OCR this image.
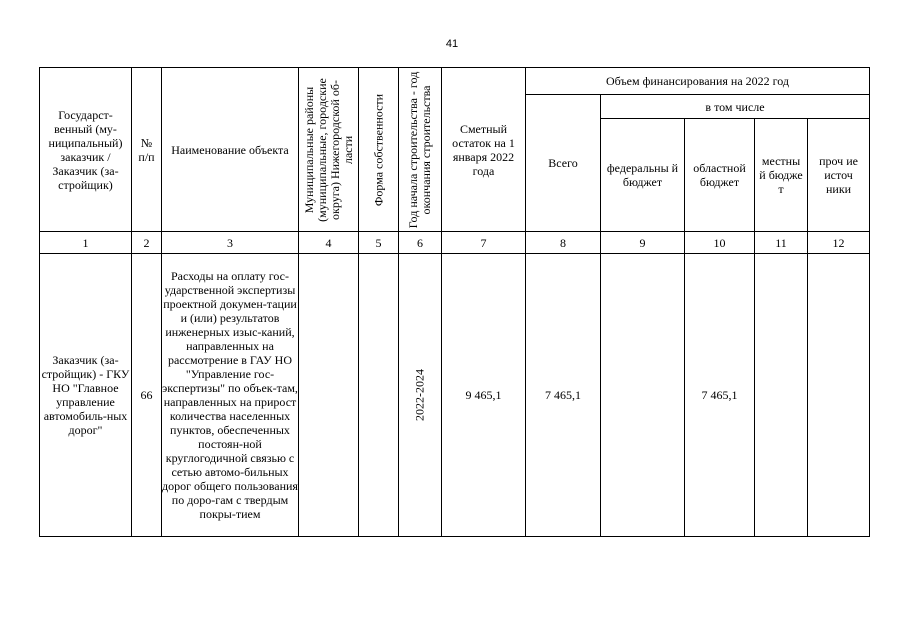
41
Государст-венный (му-ниципальный) заказчик / Заказчик (за-стройщик)	№ п/п	Наименование объекта	Муниципальные районы (муниципальные, городские округа) Нижегородской об-ласти	Форма собственности	Год начала строительства - год окончания строительства	Сметный остаток на 1 января 2022 года	Объем финансирования на 2022 год				

							Всего	в том числе			

								федеральны й бюджет	областной бюджет	местны й бюдже т	проч ие источ ники

1	2	3	4	5	6	7	8	9	10	11	12
Заказчик (за-стройщик) - ГКУ НО "Главное управление автомобиль-ных дорог"	66	Расходы на оплату гос-ударственной экспертизы проектной докумен-тации и (или) результатов инженерных изыс-каний, направленных на рассмотрение в ГАУ НО "Управление гос-экспертизы" по объек-там, направленных на прирост количества населенных пунктов, обеспеченных постоян-ной круглогодичной связью с сетью автомо-бильных дорог общего пользования по доро-гам с твердым покры-тием			2022-2024	9 465,1	7 465,1		7 465,1		
